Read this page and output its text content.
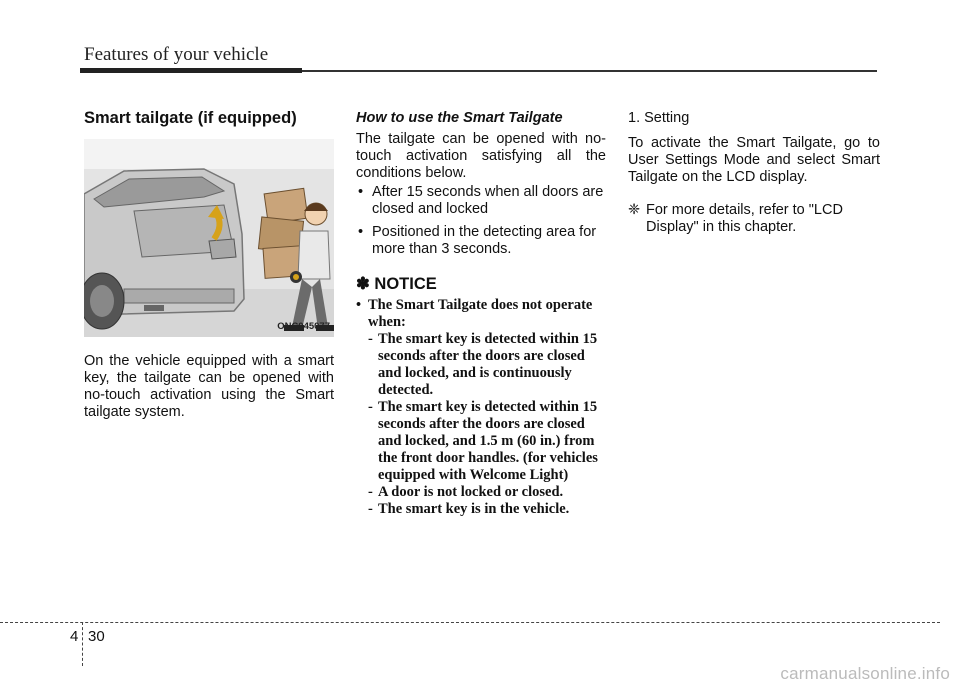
Features of your vehicle
Smart tailgate (if equipped)
ONC045077

On the vehicle equipped with a smart key, the tailgate can be opened with no-touch activation using the Smart tailgate system.

How to use the Smart Tailgate

The tailgate can be opened with no-touch activation satisfying all the conditions below.

• After 15 seconds when all doors are closed and locked
• Positioned in the detecting area for more than 3 seconds.
✽ NOTICE
• The Smart Tailgate does not operate when:
- The smart key is detected within 15 seconds after the doors are closed and locked, and is continuously detected.
- The smart key is detected within 15 seconds after the doors are closed and locked, and 1.5 m (60 in.) from the front door handles. (for vehicles equipped with Welcome Light)
- A door is not locked or closed.
- The smart key is in the vehicle.
1. Setting

To activate the Smart Tailgate, go to User Settings Mode and select Smart Tailgate on the LCD display.

❈ For more details, refer to "LCD Display" in this chapter.
4 30
carmanualsonline.info
